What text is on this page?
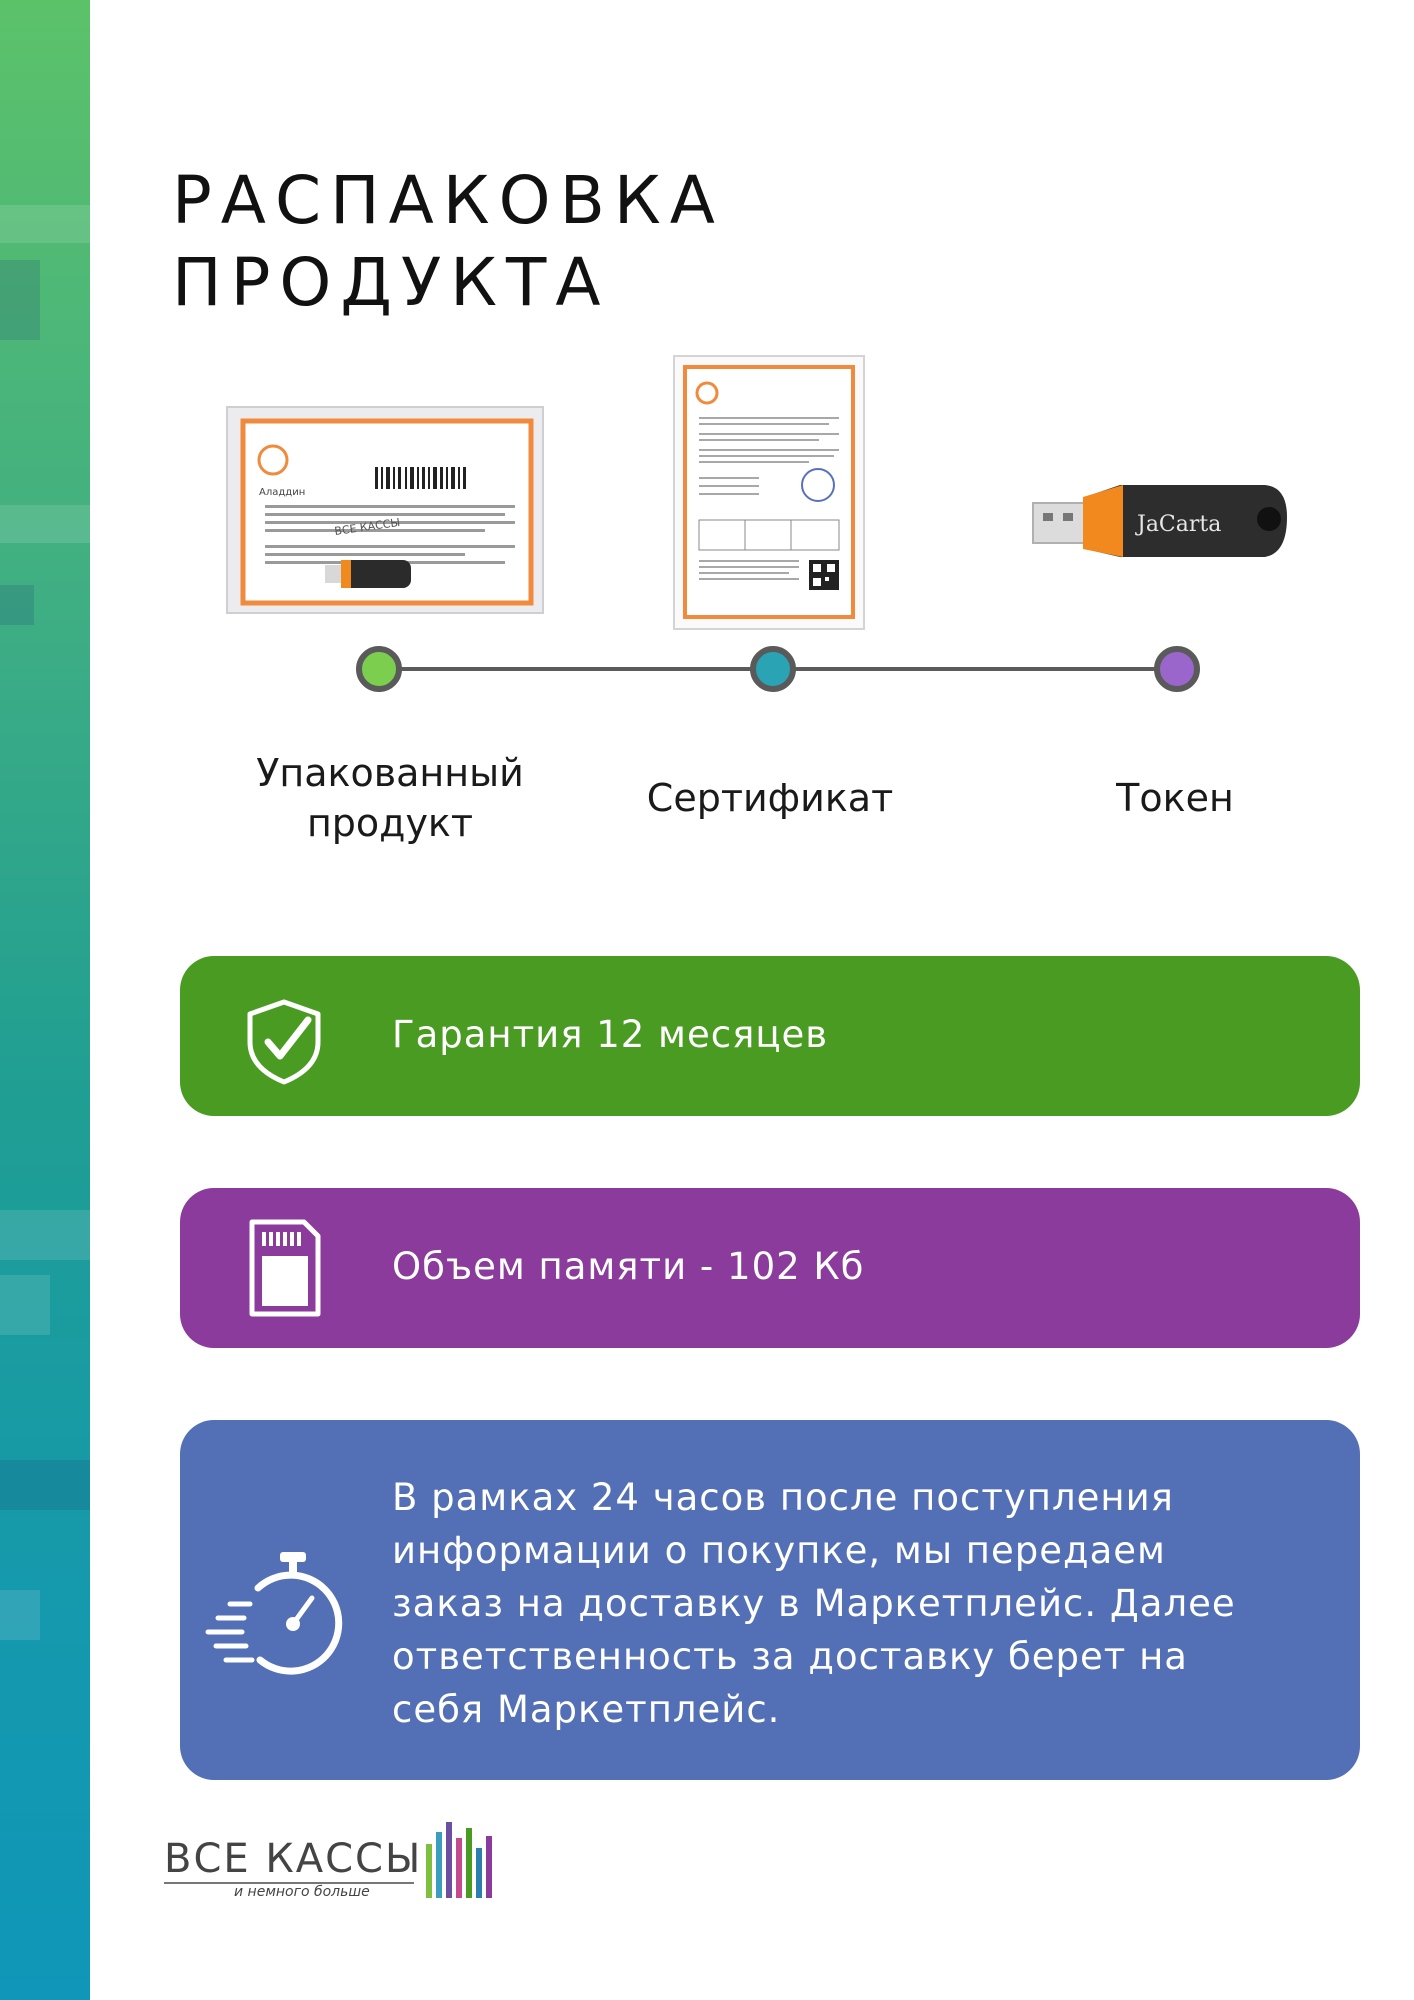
РАСПАКОВКА
ПРОДУКТА
Аладдин
ВСЕ КАССЫ	JaCarta
Упакованный продукт
Сертификат	Токен
Гарантия 12 месяцев
Объем памяти - 102 Кб
В рамках 24 часов после поступления информации о покупке, мы передаем заказ на доставку в Маркетплейс. Далее ответственность за доставку берет на себя Маркетплейс.
ВСЕ КАССЫ
и немного больше
